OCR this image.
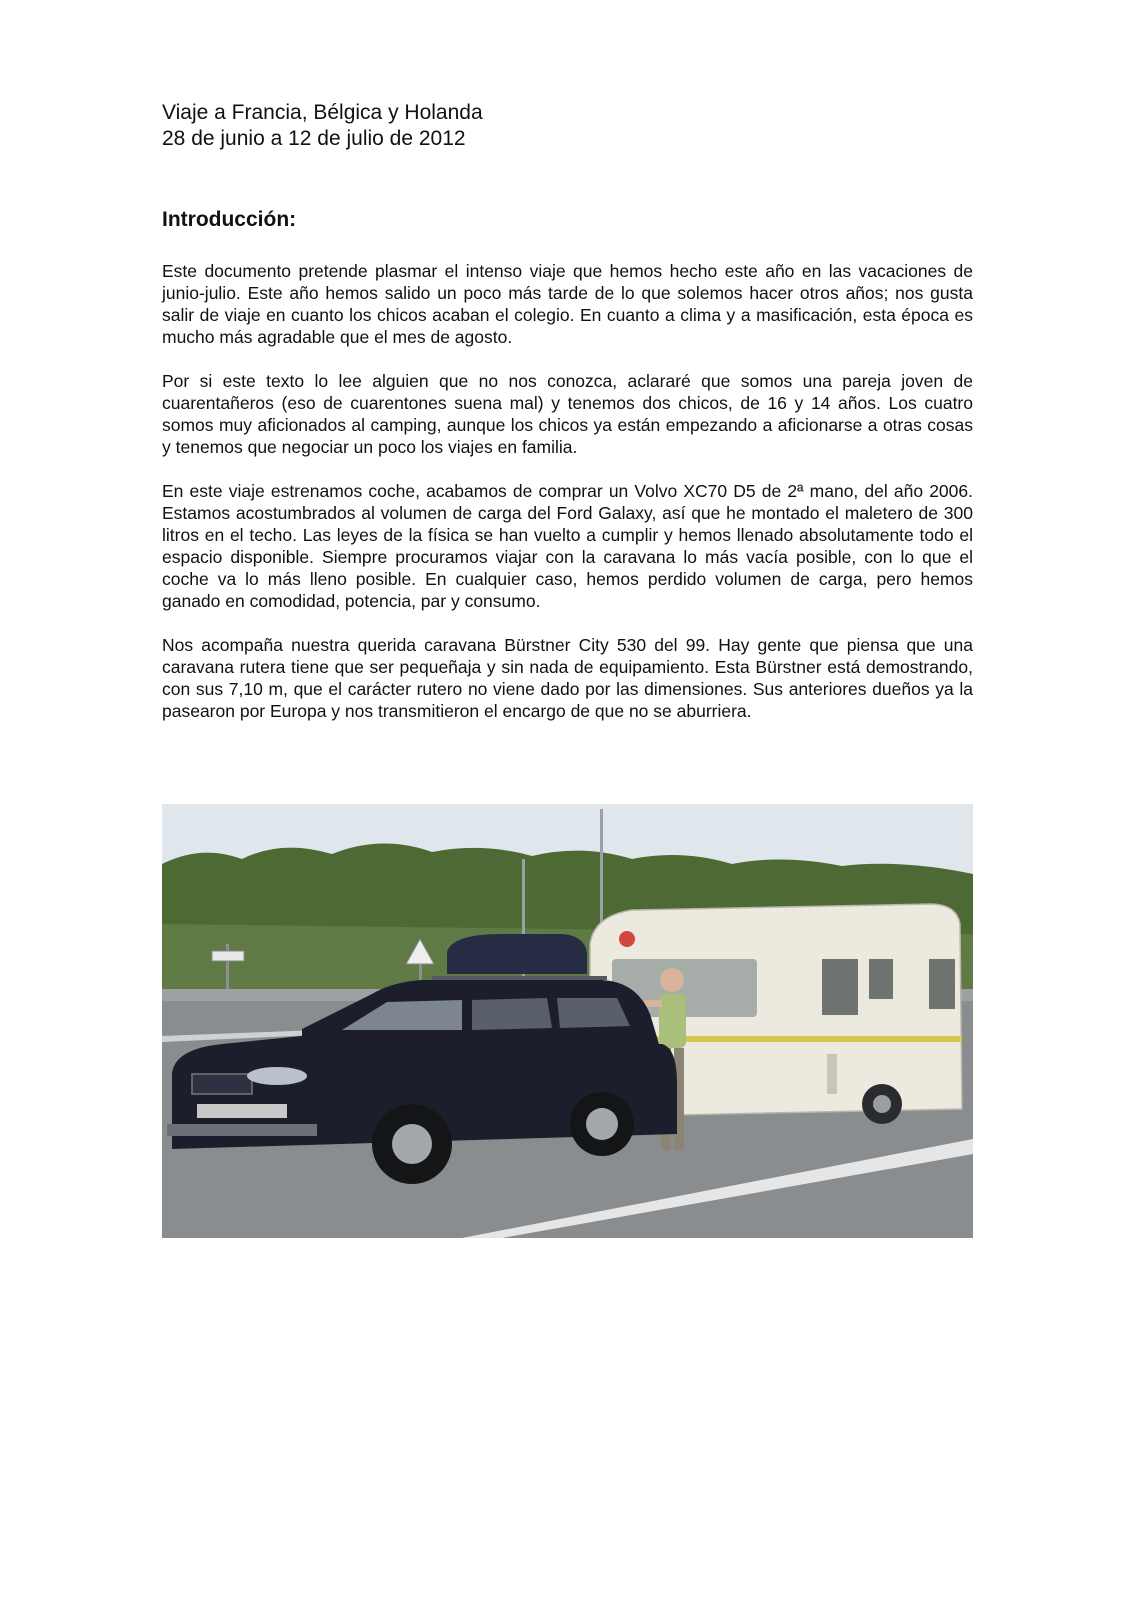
Viaje a Francia, Bélgica y Holanda
28 de junio a 12 de julio de 2012
Introducción:

Este documento pretende plasmar el intenso viaje que hemos hecho este año en las vacaciones de junio-julio. Este año hemos salido un poco más tarde de lo que solemos hacer otros años; nos gusta salir de viaje en cuanto los chicos acaban el colegio. En cuanto a clima y a masificación, esta época es mucho más agradable que el mes de agosto.

Por si este texto lo lee alguien que no nos conozca, aclararé que somos una pareja joven de cuarentañeros (eso de cuarentones suena mal) y tenemos dos chicos, de 16 y 14 años. Los cuatro somos muy aficionados al camping, aunque los chicos ya están empezando a aficionarse a otras cosas y tenemos que negociar un poco los viajes en familia.

En este viaje estrenamos coche, acabamos de comprar un Volvo XC70 D5 de 2ª mano, del año 2006. Estamos acostumbrados al volumen de carga del Ford Galaxy, así que he montado el maletero de 300 litros en el techo. Las leyes de la física se han vuelto a cumplir y hemos llenado absolutamente todo el espacio disponible. Siempre procuramos viajar con la caravana lo más vacía posible, con lo que el coche va lo más lleno posible. En cualquier caso, hemos perdido volumen de carga, pero hemos ganado en comodidad, potencia, par y consumo.

Nos acompaña nuestra querida caravana Bürstner City 530 del 99. Hay gente que piensa que una caravana rutera tiene que ser pequeñaja y sin nada de equipamiento. Esta Bürstner está demostrando, con sus 7,10 m, que el carácter rutero no viene dado por las dimensiones. Sus anteriores dueños ya la pasearon por Europa y nos transmitieron el encargo de que no se aburriera.
